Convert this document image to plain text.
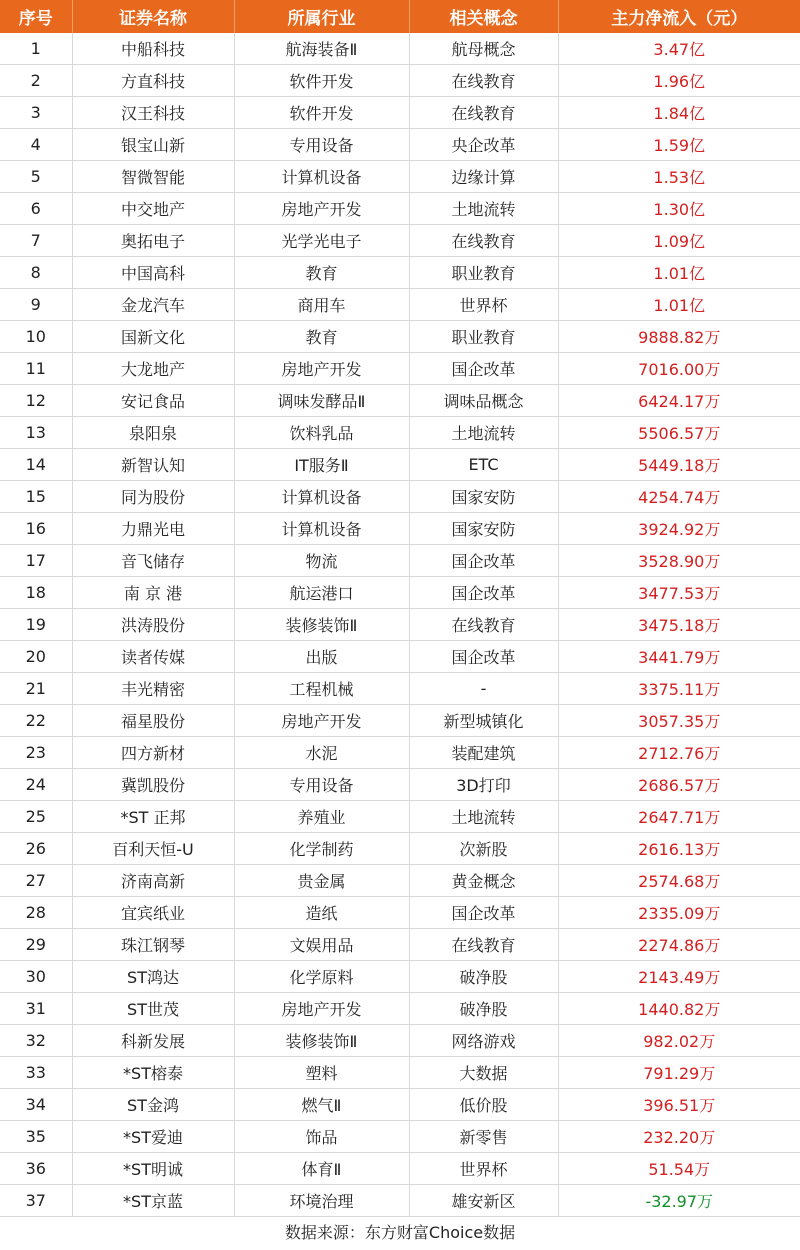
序号	证券名称	所属行业	相关概念	主力净流入（元）
1	中船科技	航海装备Ⅱ	航母概念	3.47亿
2	方直科技	软件开发	在线教育	1.96亿
3	汉王科技	软件开发	在线教育	1.84亿
4	银宝山新	专用设备	央企改革	1.59亿
5	智微智能	计算机设备	边缘计算	1.53亿
6	中交地产	房地产开发	土地流转	1.30亿
7	奥拓电子	光学光电子	在线教育	1.09亿
8	中国高科	教育	职业教育	1.01亿
9	金龙汽车	商用车	世界杯	1.01亿
10	国新文化	教育	职业教育	9888.82万
11	大龙地产	房地产开发	国企改革	7016.00万
12	安记食品	调味发酵品Ⅱ	调味品概念	6424.17万
13	泉阳泉	饮料乳品	土地流转	5506.57万
14	新智认知	IT服务Ⅱ	ETC	5449.18万
15	同为股份	计算机设备	国家安防	4254.74万
16	力鼎光电	计算机设备	国家安防	3924.92万
17	音飞储存	物流	国企改革	3528.90万
18	南 京 港	航运港口	国企改革	3477.53万
19	洪涛股份	装修装饰Ⅱ	在线教育	3475.18万
20	读者传媒	出版	国企改革	3441.79万
21	丰光精密	工程机械	-	3375.11万
22	福星股份	房地产开发	新型城镇化	3057.35万
23	四方新材	水泥	装配建筑	2712.76万
24	冀凯股份	专用设备	3D打印	2686.57万
25	*ST 正邦	养殖业	土地流转	2647.71万
26	百利天恒-U	化学制药	次新股	2616.13万
27	济南高新	贵金属	黄金概念	2574.68万
28	宜宾纸业	造纸	国企改革	2335.09万
29	珠江钢琴	文娱用品	在线教育	2274.86万
30	ST鸿达	化学原料	破净股	2143.49万
31	ST世茂	房地产开发	破净股	1440.82万
32	科新发展	装修装饰Ⅱ	网络游戏	982.02万
33	*ST榕泰	塑料	大数据	791.29万
34	ST金鸿	燃气Ⅱ	低价股	396.51万
35	*ST爱迪	饰品	新零售	232.20万
36	*ST明诚	体育Ⅱ	世界杯	51.54万
37	*ST京蓝	环境治理	雄安新区	-32.97万
数据来源：东方财富Choice数据
